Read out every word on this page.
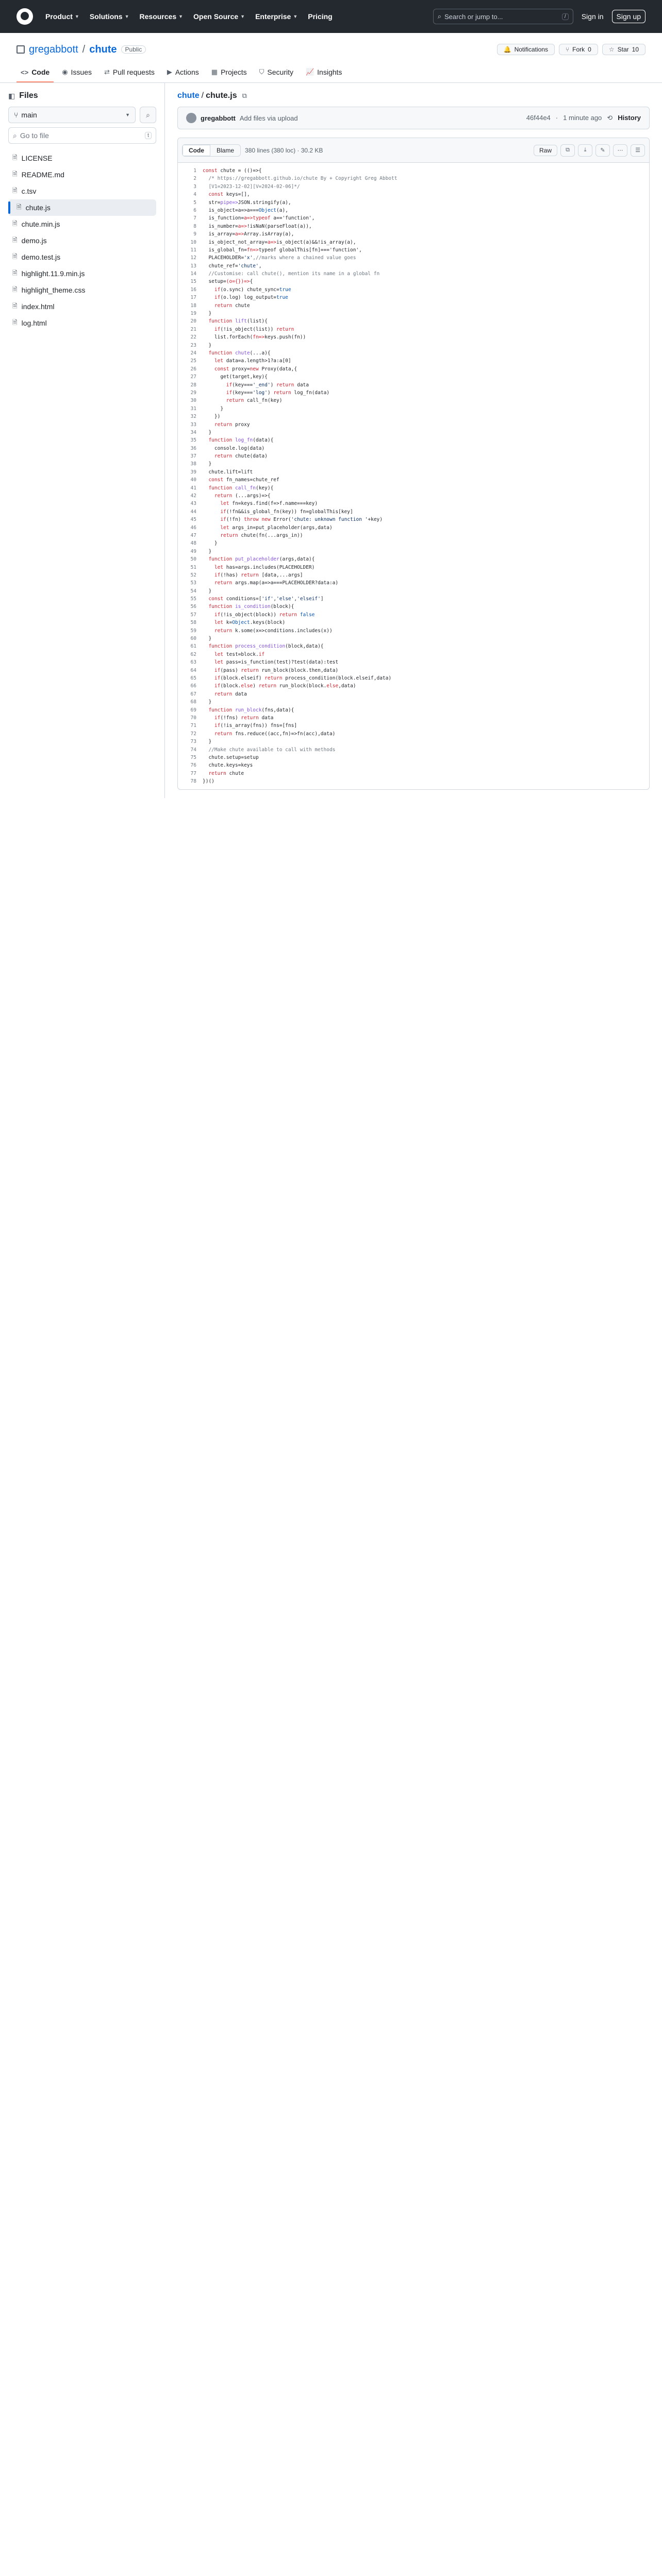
Product ▼ Solutions ▼ Resources ▼ Open Source ▼ Enterprise ▼ Pricing	⌕ Search or jump to...	/	Sign in	Sign up
gregabbott / chute	Public	🔔 Notifications	⑂ Fork 0	☆ Star 10
<> Code ◉ Issues ⇄ Pull requests ▶ Actions ▦ Projects ⛉ Security 📈 Insights
◧ Files
⑂ main	▼ ⌕
⌕ Go to file	t
🗎 LICENSE
🗎 README.md
🗎 c.tsv
🗎 chute.js
🗎 chute.min.js
🗎 demo.js
🗎 demo.test.js
🗎 highlight.11.9.min.js
🗎 highlight_theme.css
🗎 index.html
🗎 log.html
chute / chute.js ⧉
gregabbott Add files via upload	46f44e4 · 1 minute ago ⟲ History
Code	Blame	380 lines (380 loc) · 30.2 KB	Raw	⧉	⤓	✎	⋯	☰
1	const chute = (()=>{
2	/* https://gregabbott.github.io/chute By + Copyright Greg Abbott
3	[V1=2023-12-02][V=2024-02-06]*/
4	const keys=[],
5	str=pipe=>JSON.stringify(a),
6	is_object=a=>a===Object(a),
7	is_function=a=>typeof a=='function',
8	is_number=a=>!isNaN(parseFloat(a)),
9	is_array=a=>Array.isArray(a),
10	is_object_not_array=a=>is_object(a)&&!is_array(a),
11	is_global_fn=fn=>typeof globalThis[fn]==='function',
12	PLACEHOLDER='x',//marks where a chained value goes
13	chute_ref='chute',
14	//Customise: call chute(), mention its name in a global fn
15	setup=(o={})=>{
16	if(o.sync) chute_sync=true
17	if(o.log) log_output=true
18	return chute
19	}
20	function lift(list){
21	if(!is_object(list)) return
22	list.forEach(fn=>keys.push(fn))
23	}
24	function chute(...a){
25	let data=a.length>1?a:a[0]
26	const proxy=new Proxy(data,{
27	get(target,key){
28	if(key==='_end') return data
29	if(key==='log') return log_fn(data)
30	return call_fn(key)
31	}
32	})
33	return proxy
34	}
35	function log_fn(data){
36	console.log(data)
37	return chute(data)
38	}
39	chute.lift=lift
40	const fn_names=chute_ref
41	function call_fn(key){
42	return (...args)=>{
43	let fn=keys.find(f=>f.name===key)
44	if(!fn&&is_global_fn(key)) fn=globalThis[key]
45	if(!fn) throw new Error('chute: unknown function '+key)
46	let args_in=put_placeholder(args,data)
47	return chute(fn(...args_in))
48	}
49	}
50	function put_placeholder(args,data){
51	let has=args.includes(PLACEHOLDER)
52	if(!has) return [data,...args]
53	return args.map(a=>a===PLACEHOLDER?data:a)
54	}
55	const conditions=['if','else','elseif']
56	function is_condition(block){
57	if(!is_object(block)) return false
58	let k=Object.keys(block)
59	return k.some(x=>conditions.includes(x))
60	}
61	function process_condition(block,data){
62	let test=block.if
63	let pass=is_function(test)?test(data):test
64	if(pass) return run_block(block.then,data)
65	if(block.elseif) return process_condition(block.elseif,data)
66	if(block.else) return run_block(block.else,data)
67	return data
68	}
69	function run_block(fns,data){
70	if(!fns) return data
71	if(!is_array(fns)) fns=[fns]
72	return fns.reduce((acc,fn)=>fn(acc),data)
73	}
74	//Make chute available to call with methods
75	chute.setup=setup
76	chute.keys=keys
77	return chute
78	})()
